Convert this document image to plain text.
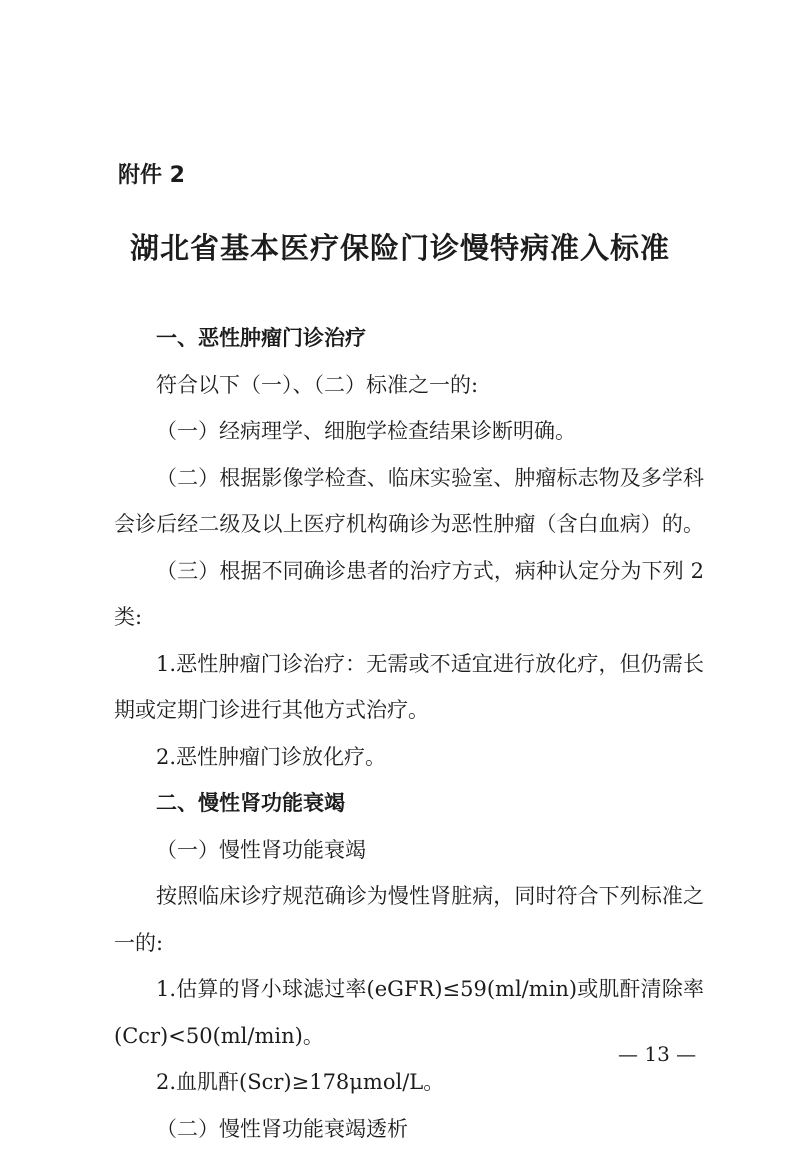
附件 2
湖北省基本医疗保险门诊慢特病准入标准
一、恶性肿瘤门诊治疗
符合以下（一）、（二）标准之一的:
（一）经病理学、细胞学检查结果诊断明确。
（二）根据影像学检查、临床实验室、肿瘤标志物及多学科
会诊后经二级及以上医疗机构确诊为恶性肿瘤（含白血病）的。
（三）根据不同确诊患者的治疗方式，病种认定分为下列 2
类:
1.恶性肿瘤门诊治疗：无需或不适宜进行放化疗，但仍需长
期或定期门诊进行其他方式治疗。
2.恶性肿瘤门诊放化疗。
二、慢性肾功能衰竭
（一）慢性肾功能衰竭
按照临床诊疗规范确诊为慢性肾脏病，同时符合下列标准之
一的:
1.估算的肾小球滤过率(eGFR)≤59(ml/min)或肌酐清除率
(Ccr)<50(ml/min)。
2.血肌酐(Scr)≥178μmol/L。
（二）慢性肾功能衰竭透析
— 13 —
